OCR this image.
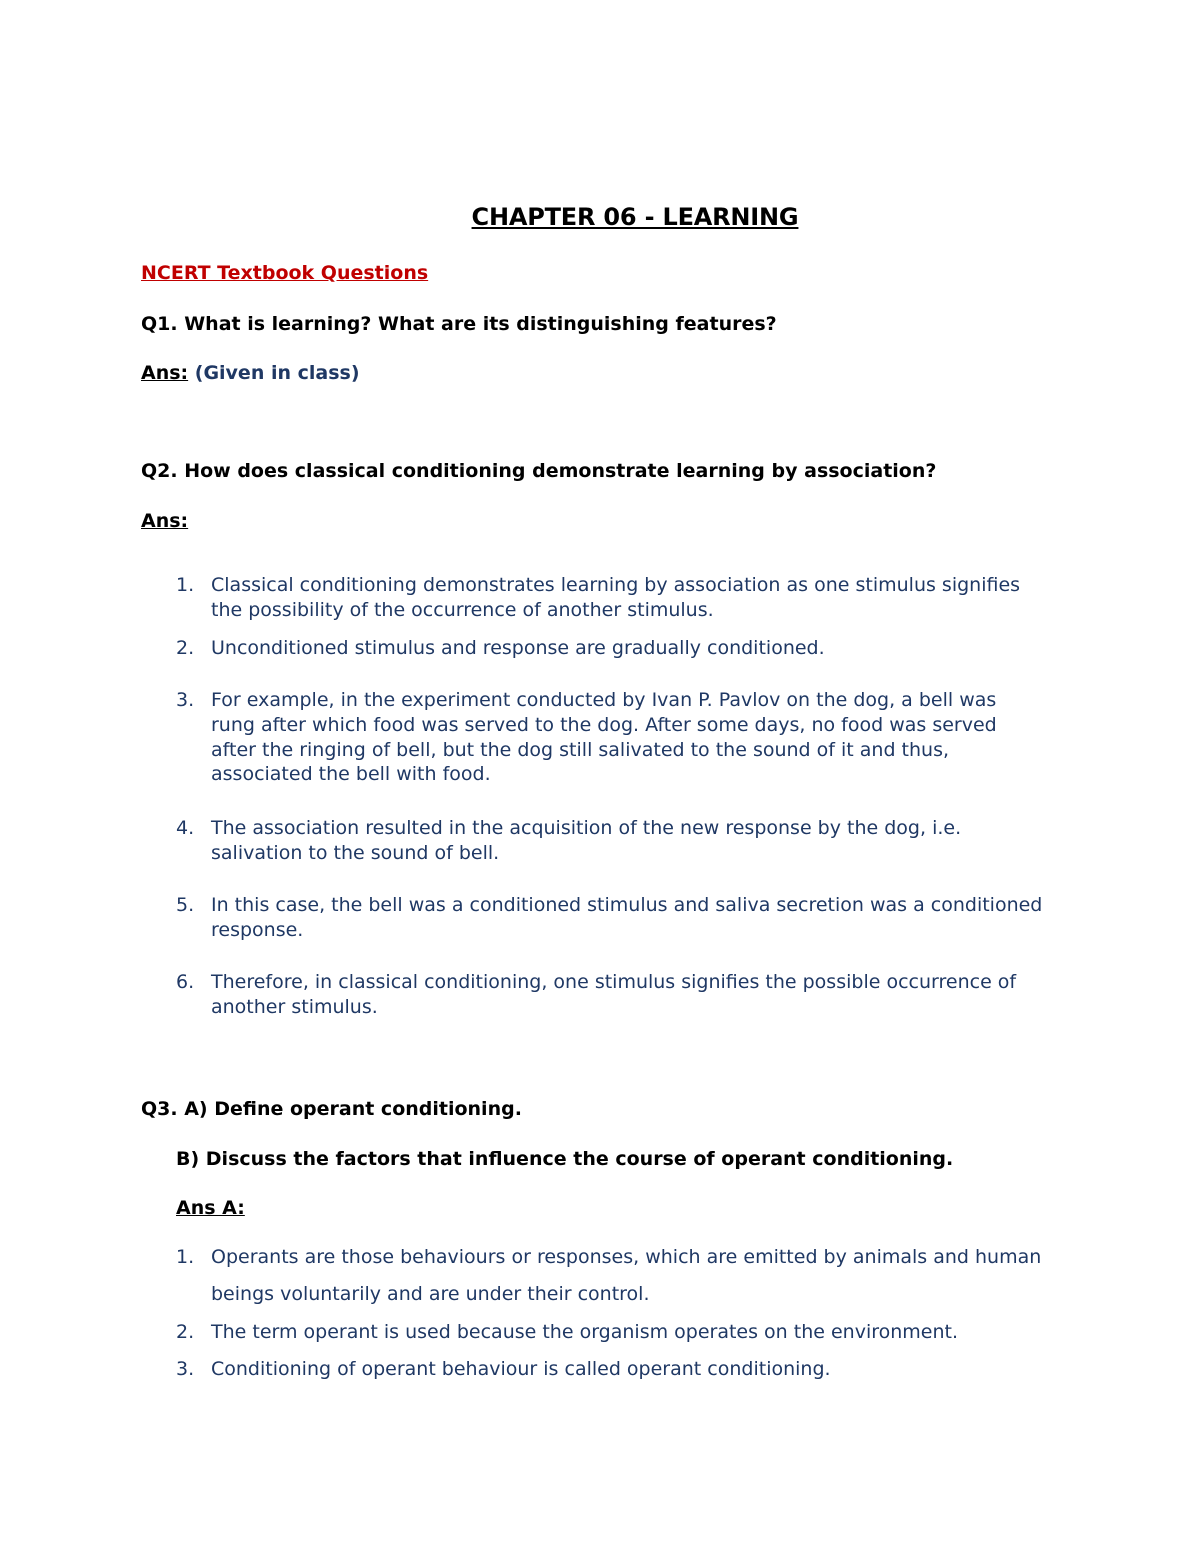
CHAPTER 06 - LEARNING
NCERT Textbook Questions
Q1. What is learning? What are its distinguishing features?
Ans: (Given in class)
Q2. How does classical conditioning demonstrate learning by association?
Ans:
1. Classical conditioning demonstrates learning by association as one stimulus signifies
the possibility of the occurrence of another stimulus.
2. Unconditioned stimulus and response are gradually conditioned.
3. For example, in the experiment conducted by Ivan P. Pavlov on the dog, a bell was
rung after which food was served to the dog. After some days, no food was served
after the ringing of bell, but the dog still salivated to the sound of it and thus,
associated the bell with food.
4. The association resulted in the acquisition of the new response by the dog, i.e.
salivation to the sound of bell.
5. In this case, the bell was a conditioned stimulus and saliva secretion was a conditioned
response.
6. Therefore, in classical conditioning, one stimulus signifies the possible occurrence of
another stimulus.
Q3. A) Define operant conditioning.
B) Discuss the factors that influence the course of operant conditioning.
Ans A:
1. Operants are those behaviours or responses, which are emitted by animals and human
beings voluntarily and are under their control.
2. The term operant is used because the organism operates on the environment.
3. Conditioning of operant behaviour is called operant conditioning.
